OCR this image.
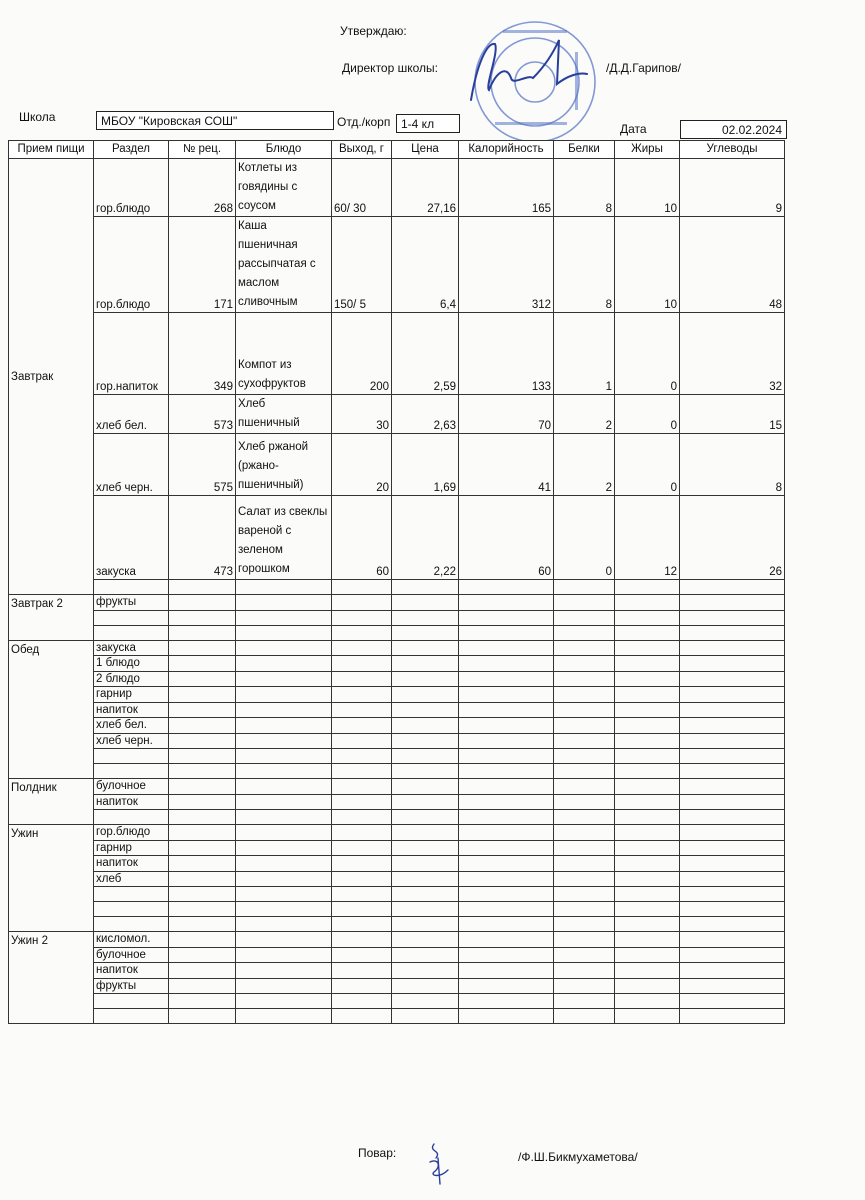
Утверждаю:
Директор школы:	/Д.Д.Гарипов/
Школа	МБОУ "Кировская СОШ"	Отд./корп 1-4 кл	Дата	02.02.2024
Прием пищи	Раздел	№ рец.	Блюдо	Выход, г	Цена	Калорийность	Белки	Жиры	Углеводы
Завтрак	гор.блюдо	268	Котлеты из говядины с соусом	60/ 30	27,16	165	8	10	9
	гор.блюдо	171	Каша пшеничная рассыпчатая с маслом сливочным	150/ 5	6,4	312	8	10	48
	гор.напиток	349	Компот из сухофруктов	200	2,59	133	1	0	32
	хлеб бел.	573	Хлеб пшеничный	30	2,63	70	2	0	15
	хлеб черн.	575	Хлеб ржаной (ржано-пшеничный)	20	1,69	41	2	0	8
	закуска	473	Салат из свеклы вареной с зеленом горошком	60	2,22	60	0	12	26

Завтрак 2	фрукты								

Обед	закуска								
	1 блюдо								
	2 блюдо								
	гарнир								
	напиток								
	хлеб бел.								
	хлеб черн.								

Полдник	булочное								
	напиток								

Ужин	гор.блюдо								
	гарнир								
	напиток								
	хлеб								

Ужин 2	кисломол.								
	булочное								
	напиток								
	фрукты								

Повар:	/Ф.Ш.Бикмухаметова/
